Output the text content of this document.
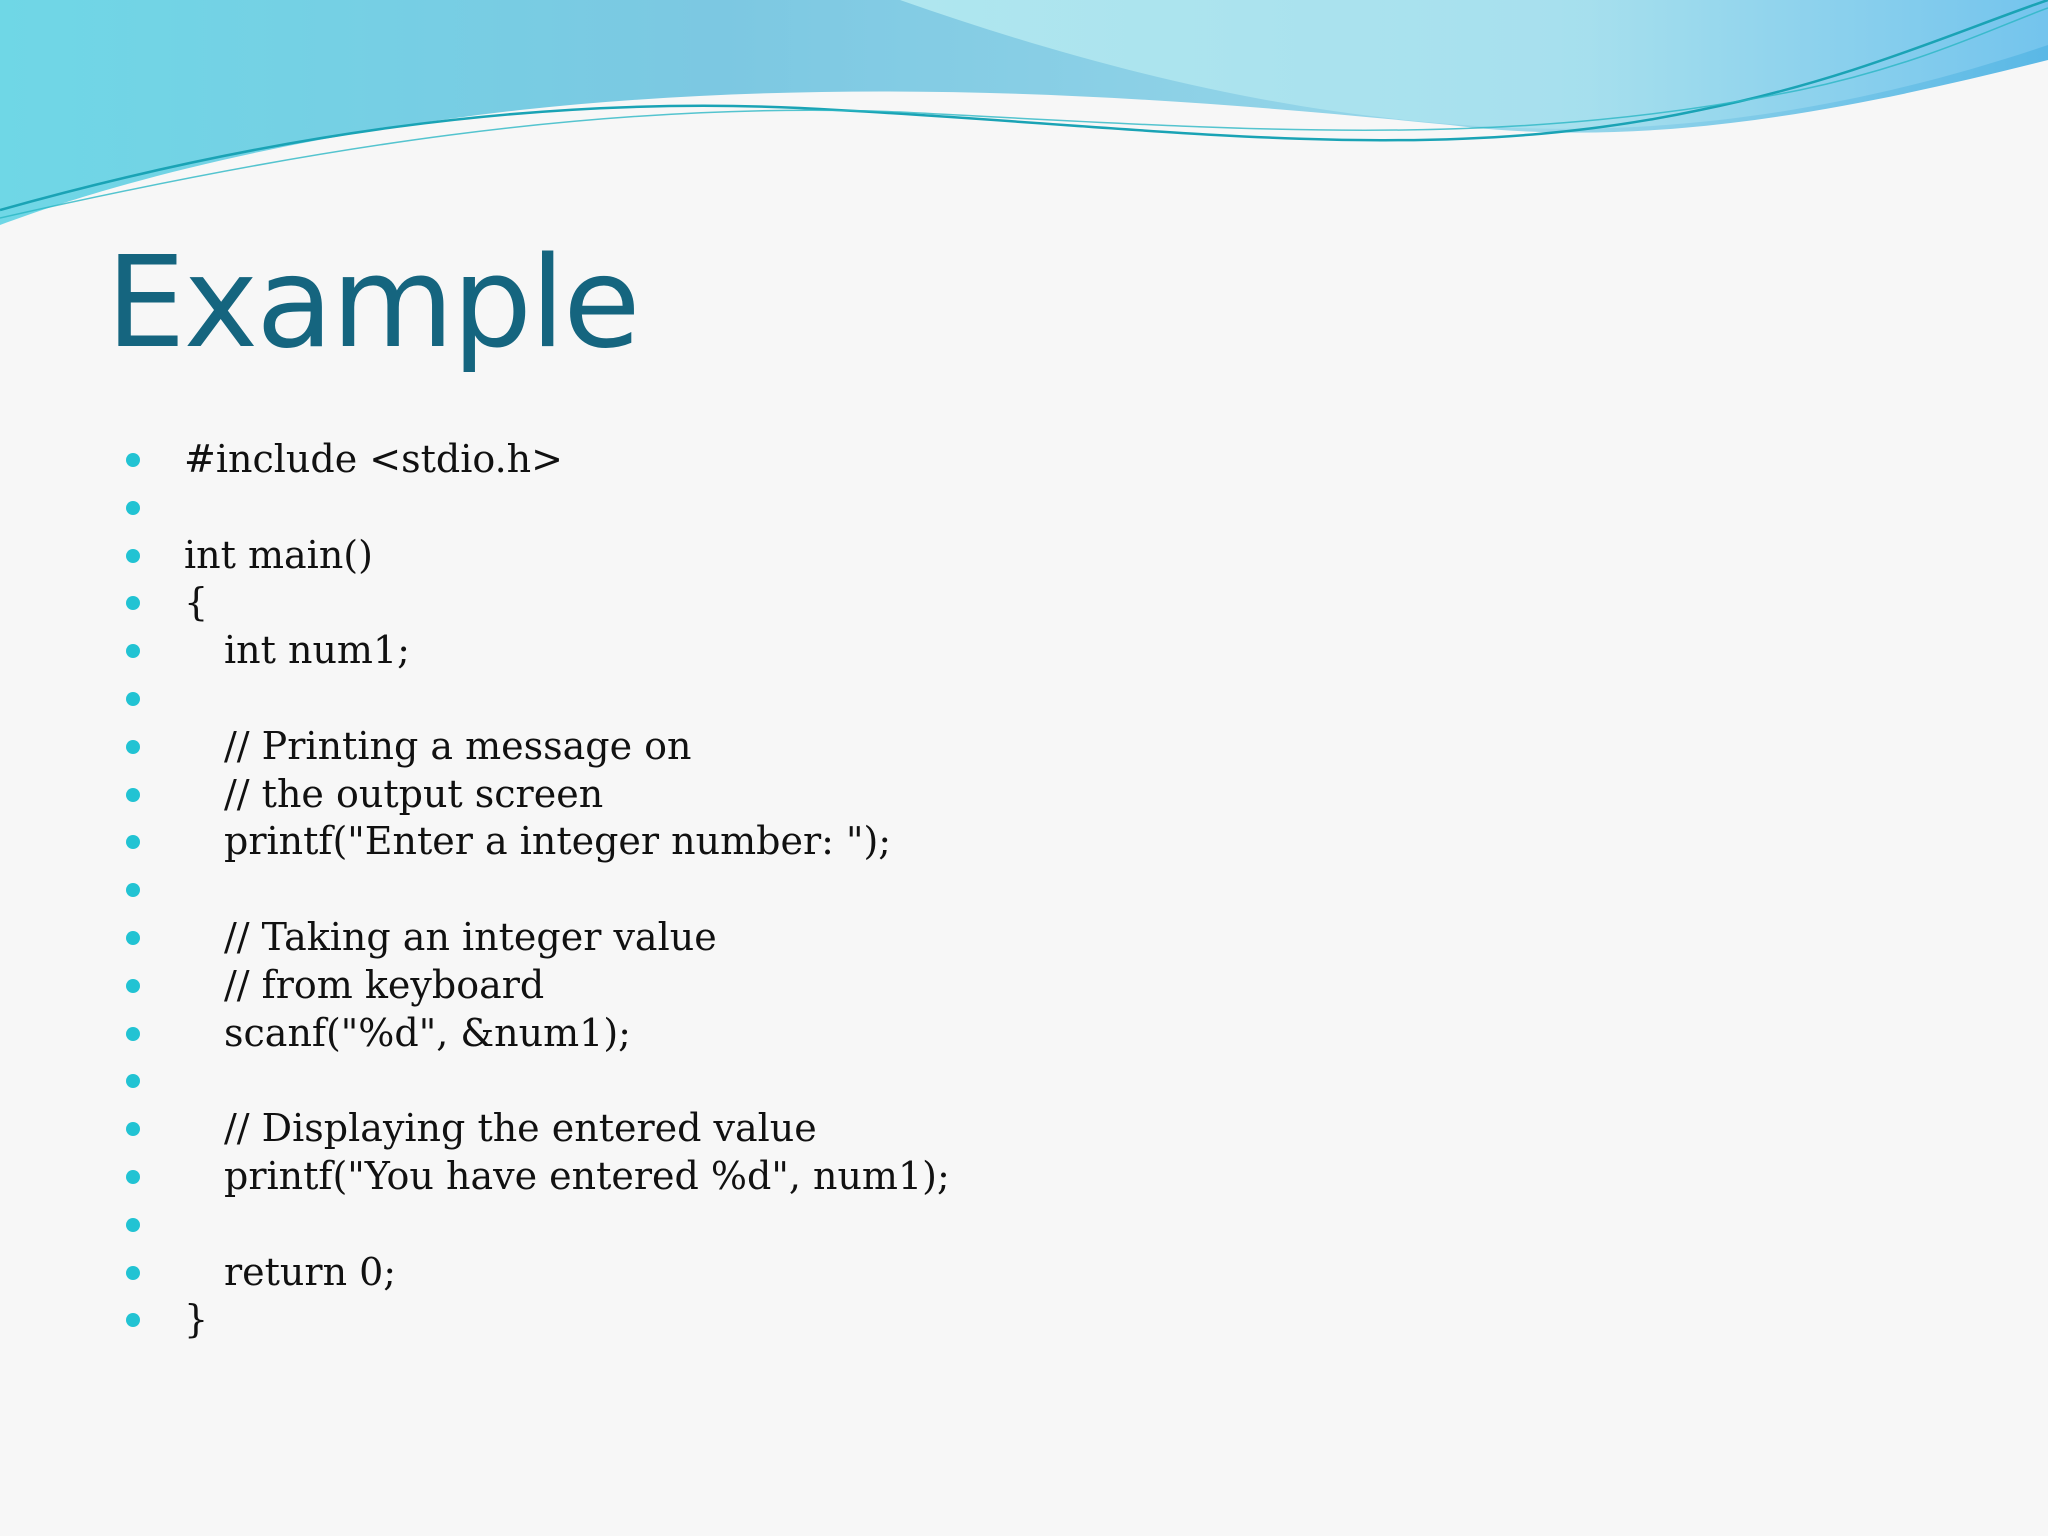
Example
#include <stdio.h>
int main()
{
int num1;
// Printing a message on
// the output screen
printf("Enter a integer number: ");
// Taking an integer value
// from keyboard
scanf("%d", &num1);
// Displaying the entered value
printf("You have entered %d", num1);
return 0;
}
